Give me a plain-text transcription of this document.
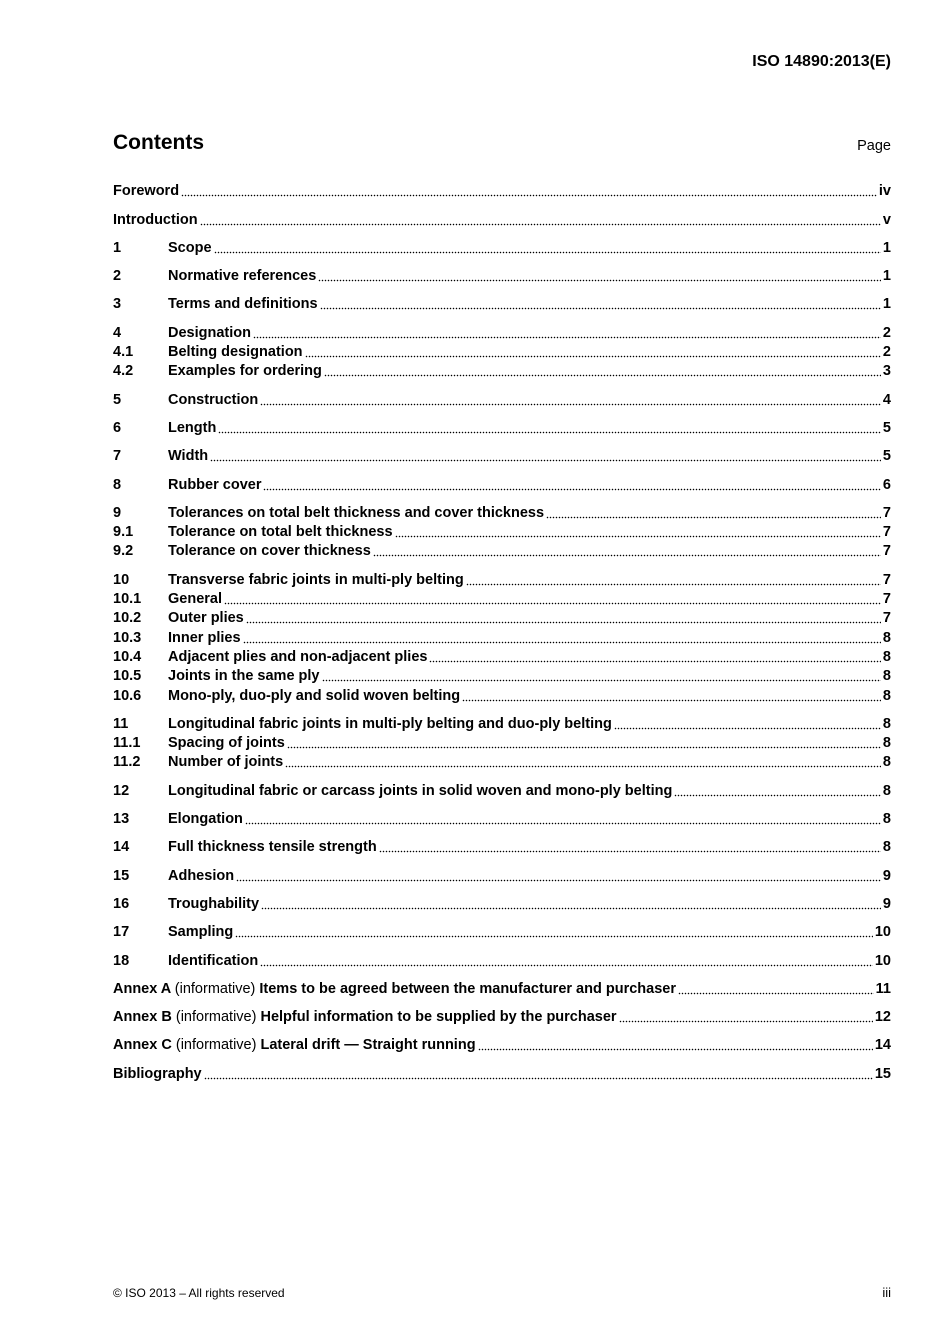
ISO 14890:2013(E)
Contents	Page
Foreword	iv
Introduction	v
1	Scope	1
2	Normative references	1
3	Terms and definitions	1
4	Designation	2
4.1	Belting designation	2
4.2	Examples for ordering	3
5	Construction	4
6	Length	5
7	Width	5
8	Rubber cover	6
9	Tolerances on total belt thickness and cover thickness	7
9.1	Tolerance on total belt thickness	7
9.2	Tolerance on cover thickness	7
10	Transverse fabric joints in multi-ply belting	7
10.1	General	7
10.2	Outer plies	7
10.3	Inner plies	8
10.4	Adjacent plies and non-adjacent plies	8
10.5	Joints in the same ply	8
10.6	Mono-ply, duo-ply and solid woven belting	8
11	Longitudinal fabric joints in multi-ply belting and duo-ply belting	8
11.1	Spacing of joints	8
11.2	Number of joints	8
12	Longitudinal fabric or carcass joints in solid woven and mono-ply belting	8
13	Elongation	8
14	Full thickness tensile strength	8
15	Adhesion	9
16	Troughability	9
17	Sampling	10
18	Identification	10
Annex A (informative) Items to be agreed between the manufacturer and purchaser	11
Annex B (informative) Helpful information to be supplied by the purchaser	12
Annex C (informative) Lateral drift — Straight running	14
Bibliography	15
© ISO 2013 – All rights reserved	iii
